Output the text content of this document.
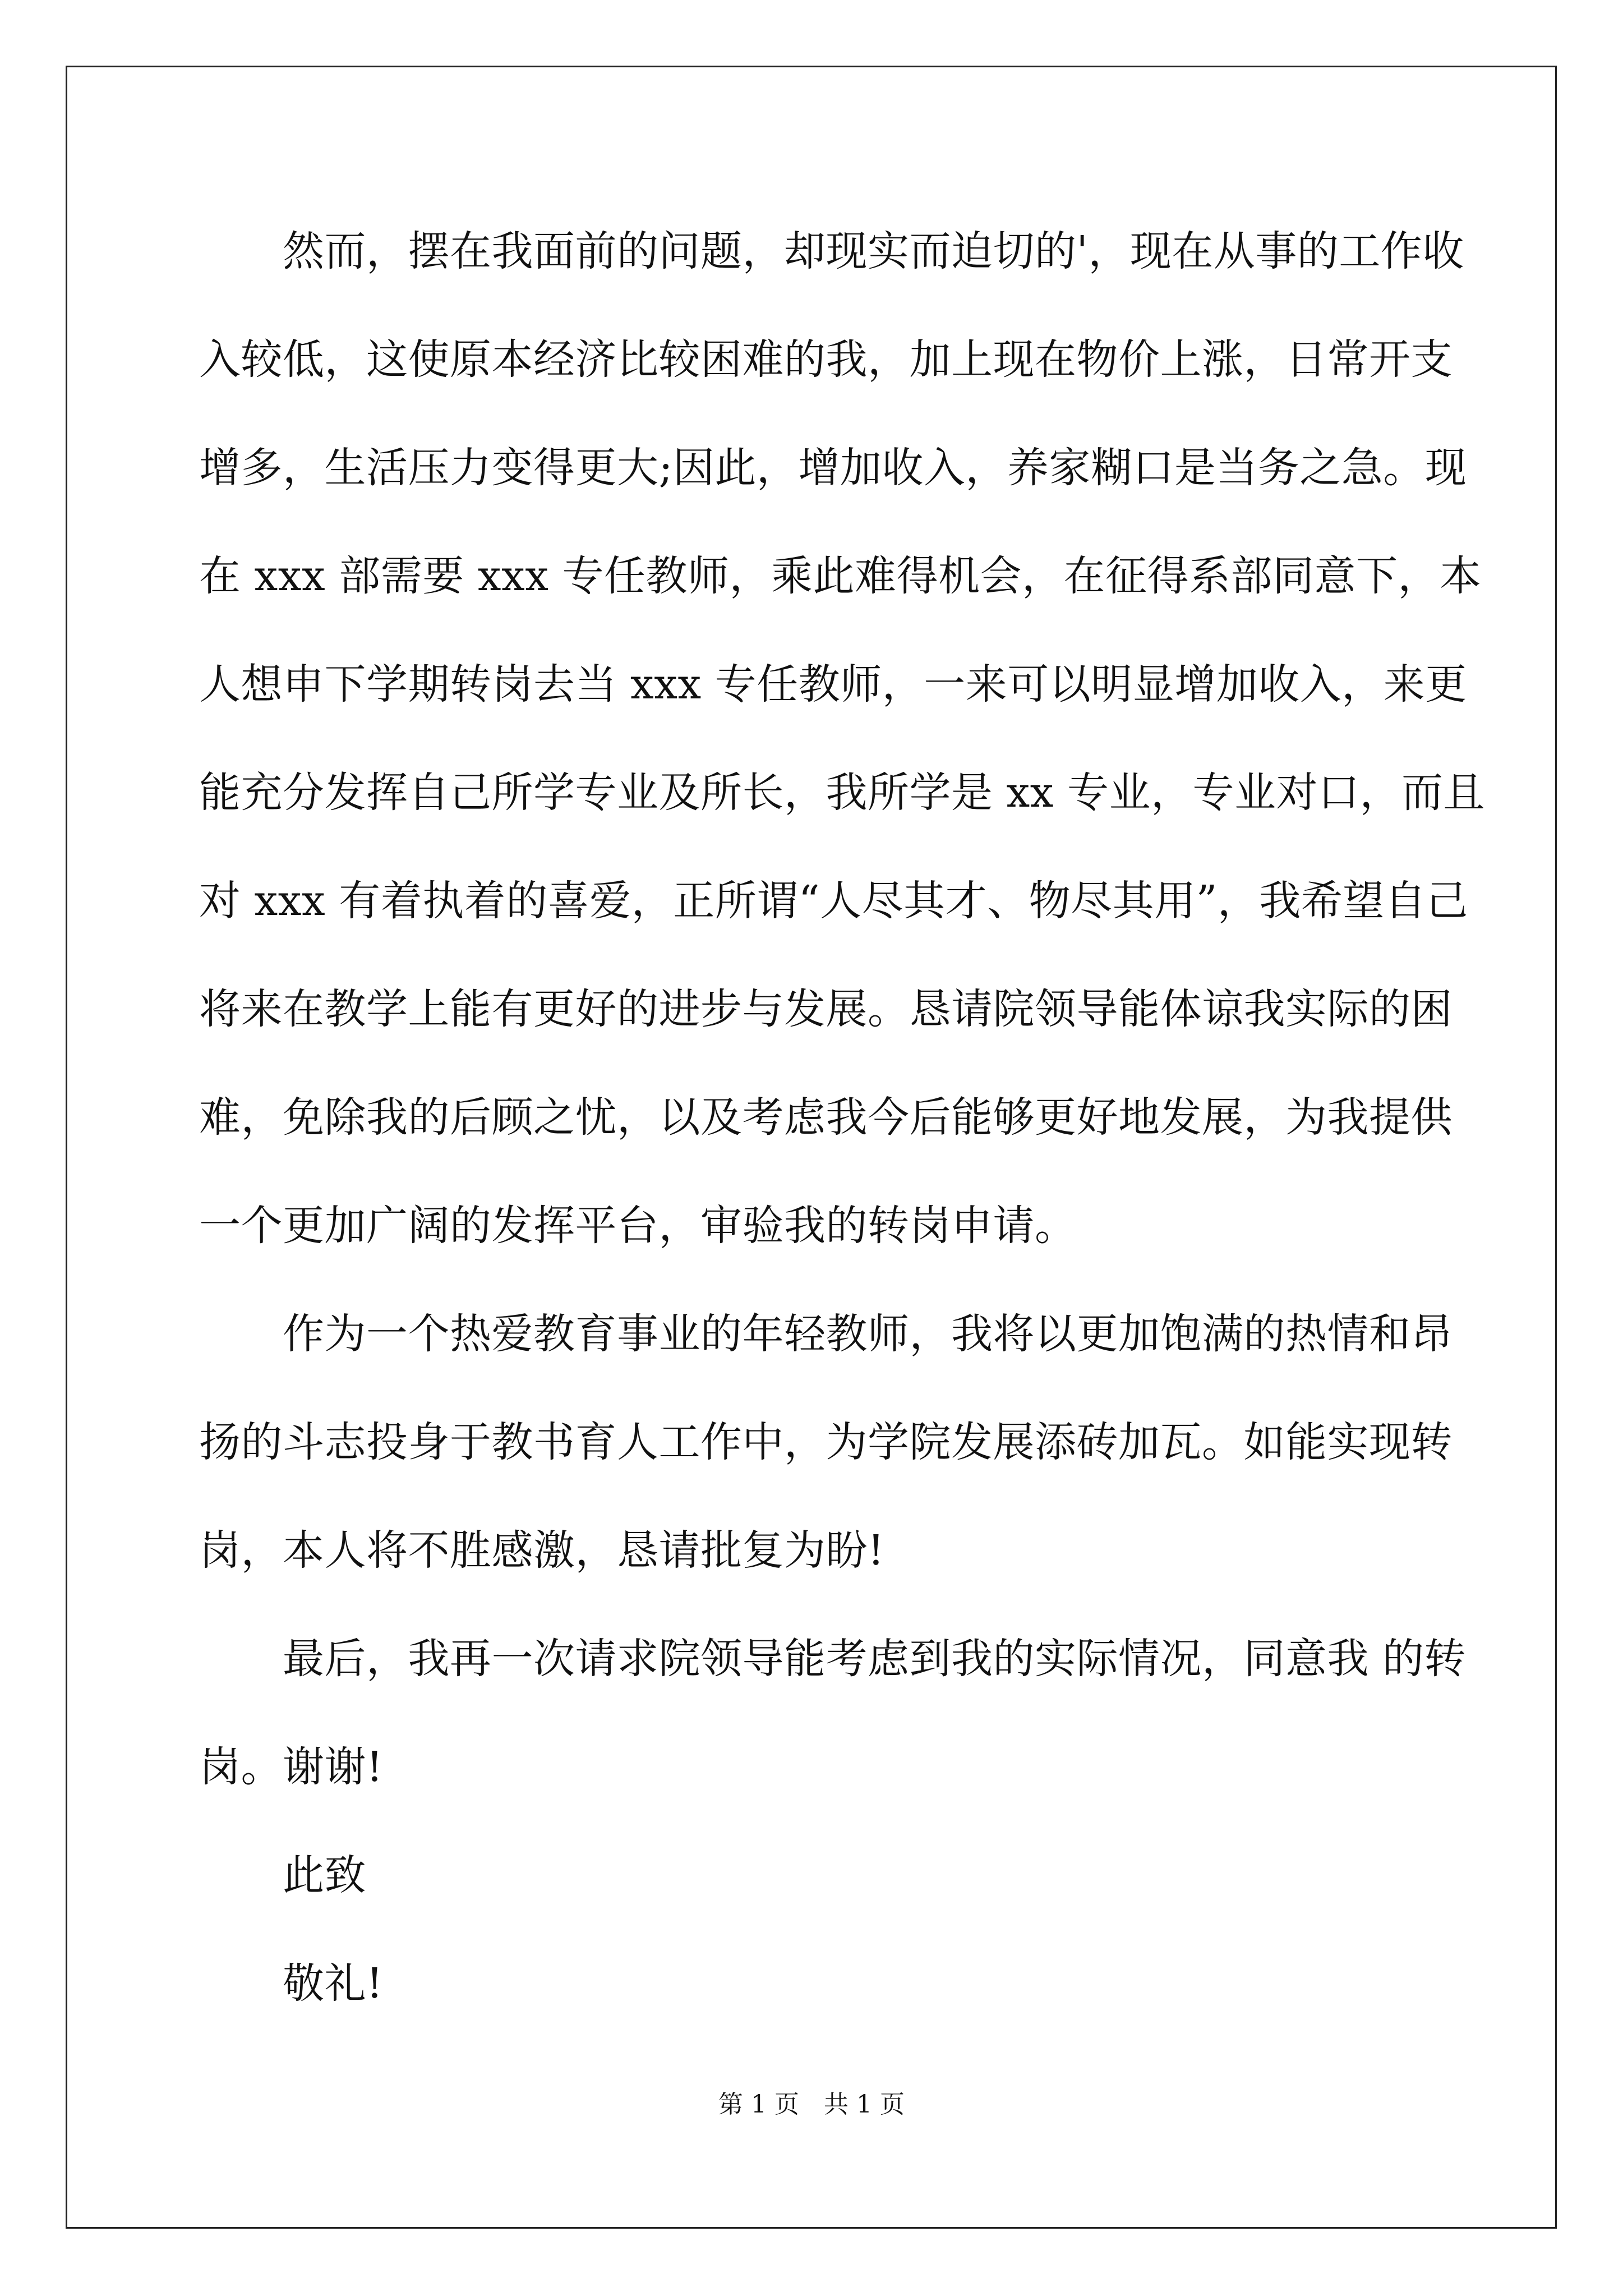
　　然而，摆在我面前的问题，却现实而迫切的'，现在从事的工作收
入较低，这使原本经济比较困难的我，加上现在物价上涨，日常开支
增多，生活压力变得更大;因此，增加收入，养家糊口是当务之急。现
在 xxx 部需要 xxx 专任教师，乘此难得机会，在征得系部同意下，本
人想申下学期转岗去当 xxx 专任教师，一来可以明显增加收入，来更
能充分发挥自己所学专业及所长，我所学是 xx 专业，专业对口，而且
对 xxx 有着执着的喜爱，正所谓“人尽其才、物尽其用”，我希望自己
将来在教学上能有更好的进步与发展。恳请院领导能体谅我实际的困
难，免除我的后顾之忧，以及考虑我今后能够更好地发展，为我提供
一个更加广阔的发挥平台，审验我的转岗申请。
　　作为一个热爱教育事业的年轻教师，我将以更加饱满的热情和昂
扬的斗志投身于教书育人工作中，为学院发展添砖加瓦。如能实现转
岗，本人将不胜感激，恳请批复为盼!
　　最后，我再一次请求院领导能考虑到我的实际情况，同意我 的转
岗。谢谢!
　　此致
　　敬礼!
第 1 页　共 1 页
